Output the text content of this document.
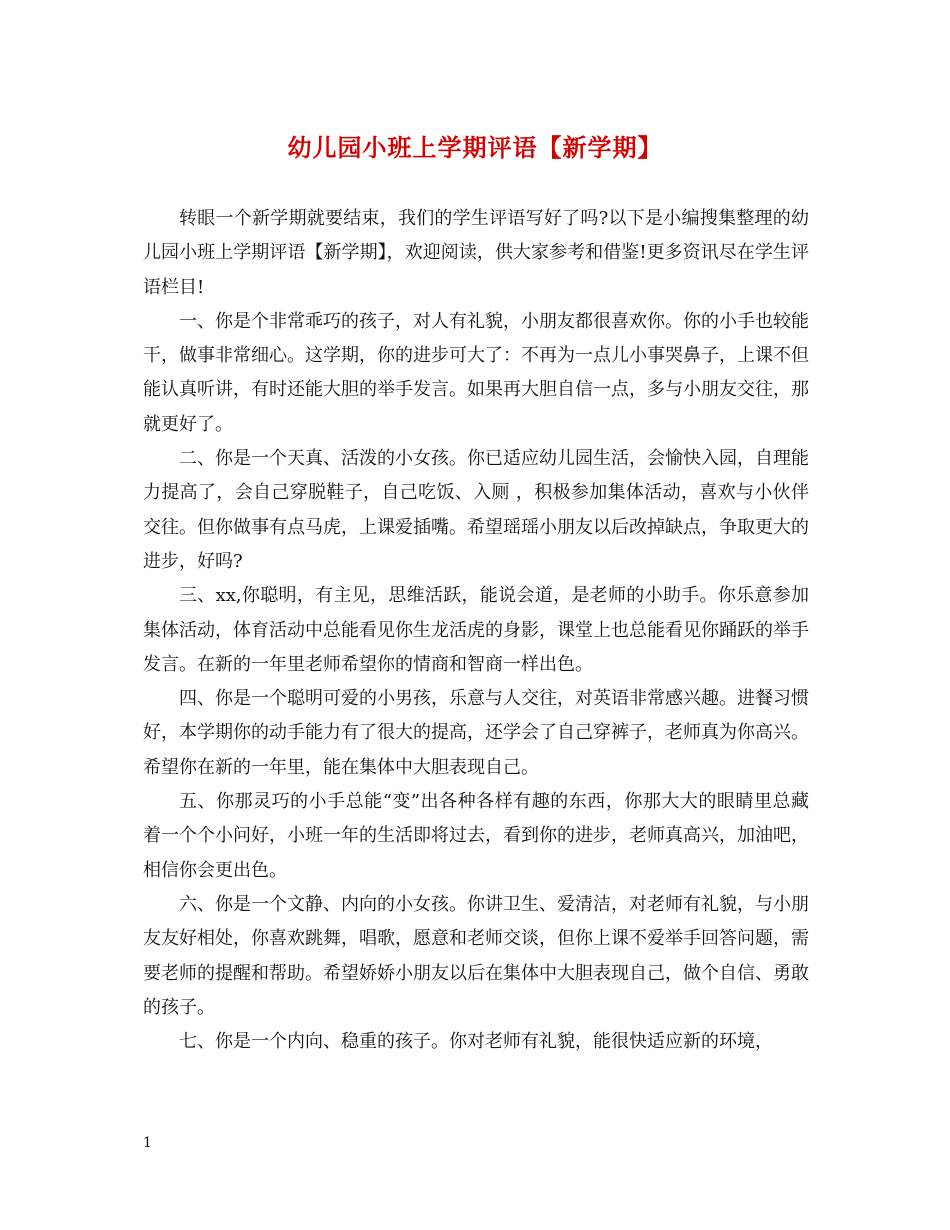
幼儿园小班上学期评语【新学期】

转眼一个新学期就要结束，我们的学生评语写好了吗?以下是小编搜集整理的幼儿园小班上学期评语【新学期】，欢迎阅读，供大家参考和借鉴!更多资讯尽在学生评语栏目!

一、你是个非常乖巧的孩子，对人有礼貌，小朋友都很喜欢你。你的小手也较能干，做事非常细心。这学期，你的进步可大了：不再为一点儿小事哭鼻子，上课不但能认真听讲，有时还能大胆的举手发言。如果再大胆自信一点，多与小朋友交往，那就更好了。

二、你是一个天真、活泼的小女孩。你已适应幼儿园生活，会愉快入园，自理能力提高了，会自己穿脱鞋子，自己吃饭、入厕 ，积极参加集体活动，喜欢与小伙伴交往。但你做事有点马虎，上课爱插嘴。希望瑶瑶小朋友以后改掉缺点，争取更大的进步，好吗?

三、xx,你聪明，有主见，思维活跃，能说会道，是老师的小助手。你乐意参加集体活动，体育活动中总能看见你生龙活虎的身影，课堂上也总能看见你踊跃的举手发言。在新的一年里老师希望你的情商和智商一样出色。

四、你是一个聪明可爱的小男孩，乐意与人交往，对英语非常感兴趣。进餐习惯好，本学期你的动手能力有了很大的提高，还学会了自己穿裤子，老师真为你高兴。希望你在新的一年里，能在集体中大胆表现自己。

五、你那灵巧的小手总能“变”出各种各样有趣的东西，你那大大的眼睛里总藏着一个个小问好，小班一年的生活即将过去，看到你的进步，老师真高兴，加油吧，相信你会更出色。

六、你是一个文静、内向的小女孩。你讲卫生、爱清洁，对老师有礼貌，与小朋友友好相处，你喜欢跳舞，唱歌，愿意和老师交谈，但你上课不爱举手回答问题，需要老师的提醒和帮助。希望娇娇小朋友以后在集体中大胆表现自己，做个自信、勇敢的孩子。

七、你是一个内向、稳重的孩子。你对老师有礼貌，能很快适应新的环境，

1
